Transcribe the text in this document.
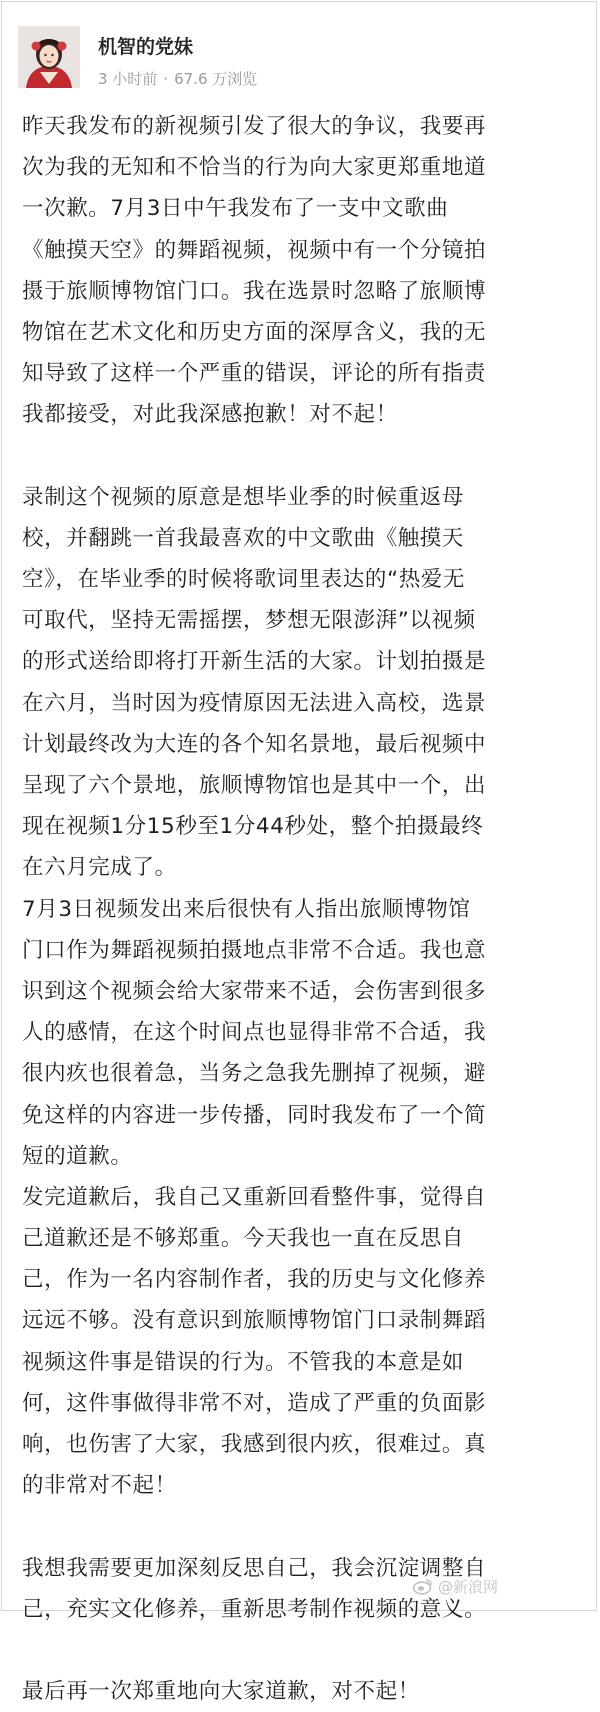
机智的党妹
3 小时前 · 67.6 万浏览
昨天我发布的新视频引发了很大的争议，我要再
次为我的无知和不恰当的行为向大家更郑重地道
一次歉。7月3日中午我发布了一支中文歌曲
《触摸天空》的舞蹈视频，视频中有一个分镜拍
摄于旅顺博物馆门口。我在选景时忽略了旅顺博
物馆在艺术文化和历史方面的深厚含义，我的无
知导致了这样一个严重的错误，评论的所有指责
我都接受，对此我深感抱歉！对不起！
录制这个视频的原意是想毕业季的时候重返母
校，并翻跳一首我最喜欢的中文歌曲《触摸天
空》，在毕业季的时候将歌词里表达的“热爱无
可取代，坚持无需摇摆，梦想无限澎湃”以视频
的形式送给即将打开新生活的大家。计划拍摄是
在六月，当时因为疫情原因无法进入高校，选景
计划最终改为大连的各个知名景地，最后视频中
呈现了六个景地，旅顺博物馆也是其中一个，出
现在视频1分15秒至1分44秒处，整个拍摄最终
在六月完成了。
7月3日视频发出来后很快有人指出旅顺博物馆
门口作为舞蹈视频拍摄地点非常不合适。我也意
识到这个视频会给大家带来不适，会伤害到很多
人的感情，在这个时间点也显得非常不合适，我
很内疚也很着急，当务之急我先删掉了视频，避
免这样的内容进一步传播，同时我发布了一个简
短的道歉。
发完道歉后，我自己又重新回看整件事，觉得自
己道歉还是不够郑重。今天我也一直在反思自
己，作为一名内容制作者，我的历史与文化修养
远远不够。没有意识到旅顺博物馆门口录制舞蹈
视频这件事是错误的行为。不管我的本意是如
何，这件事做得非常不对，造成了严重的负面影
响，也伤害了大家，我感到很内疚，很难过。真
的非常对不起！
我想我需要更加深刻反思自己，我会沉淀调整自
己，充实文化修养，重新思考制作视频的意义。
最后再一次郑重地向大家道歉，对不起！
@新浪网
